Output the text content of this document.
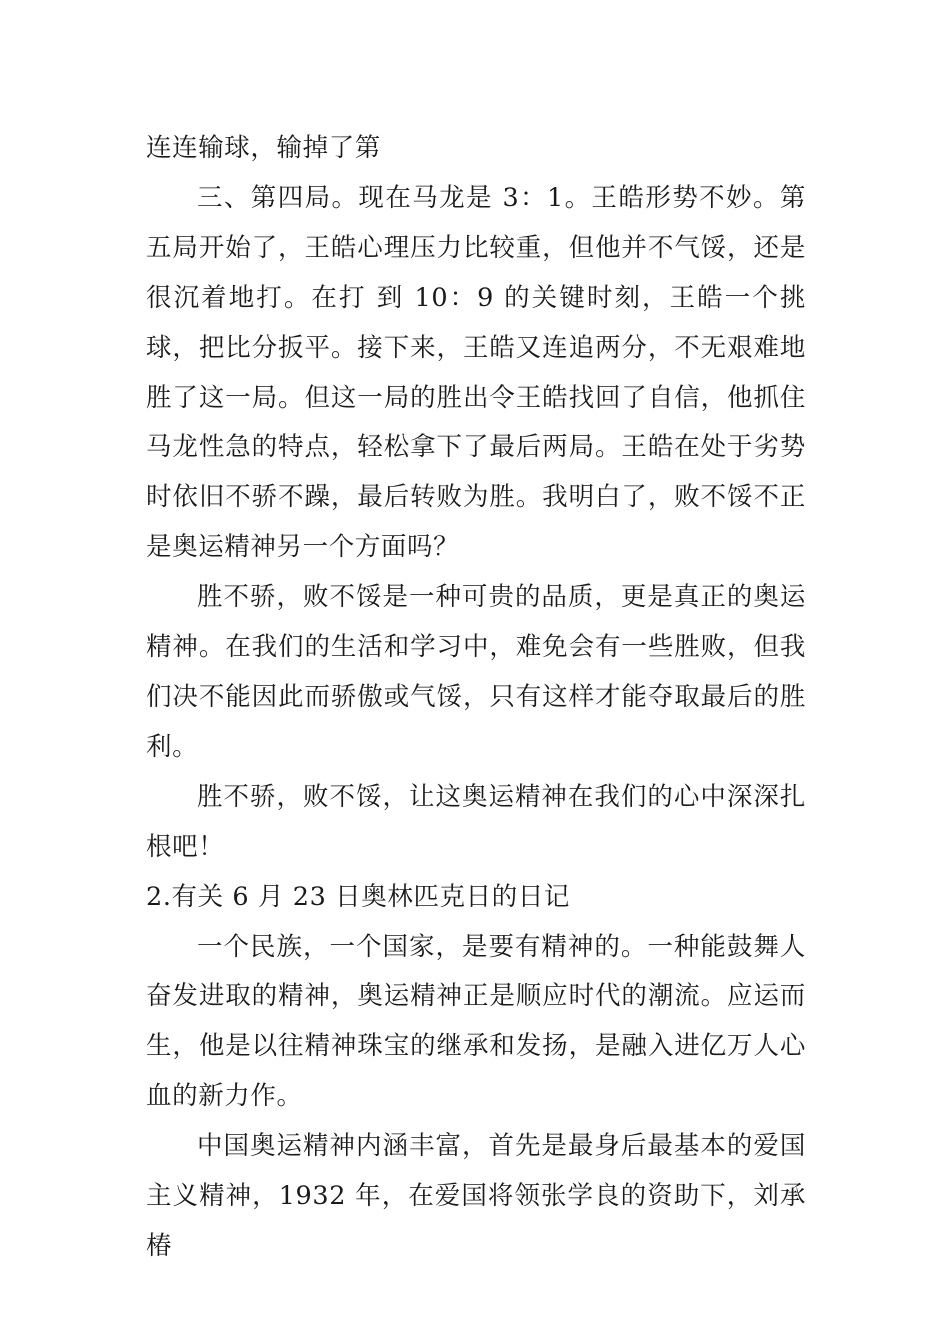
连连输球，输掉了第

三、第四局。现在马龙是 3：1。王皓形势不妙。第五局开始了，王皓心理压力比较重，但他并不气馁，还是很沉着地打。在打 到 10：9 的关键时刻，王皓一个挑球，把比分扳平。接下来，王皓又连追两分，不无艰难地胜了这一局。但这一局的胜出令王皓找回了自信，他抓住马龙性急的特点，轻松拿下了最后两局。王皓在处于劣势时依旧不骄不躁，最后转败为胜。我明白了，败不馁不正是奥运精神另一个方面吗？

胜不骄，败不馁是一种可贵的品质，更是真正的奥运精神。在我们的生活和学习中，难免会有一些胜败，但我们决不能因此而骄傲或气馁，只有这样才能夺取最后的胜利。

胜不骄，败不馁，让这奥运精神在我们的心中深深扎根吧！

2.有关 6 月 23 日奥林匹克日的日记

一个民族，一个国家，是要有精神的。一种能鼓舞人奋发进取的精神，奥运精神正是顺应时代的潮流。应运而生，他是以往精神珠宝的继承和发扬，是融入进亿万人心血的新力作。

中国奥运精神内涵丰富，首先是最身后最基本的爱国主义精神，1932 年，在爱国将领张学良的资助下，刘承椿
